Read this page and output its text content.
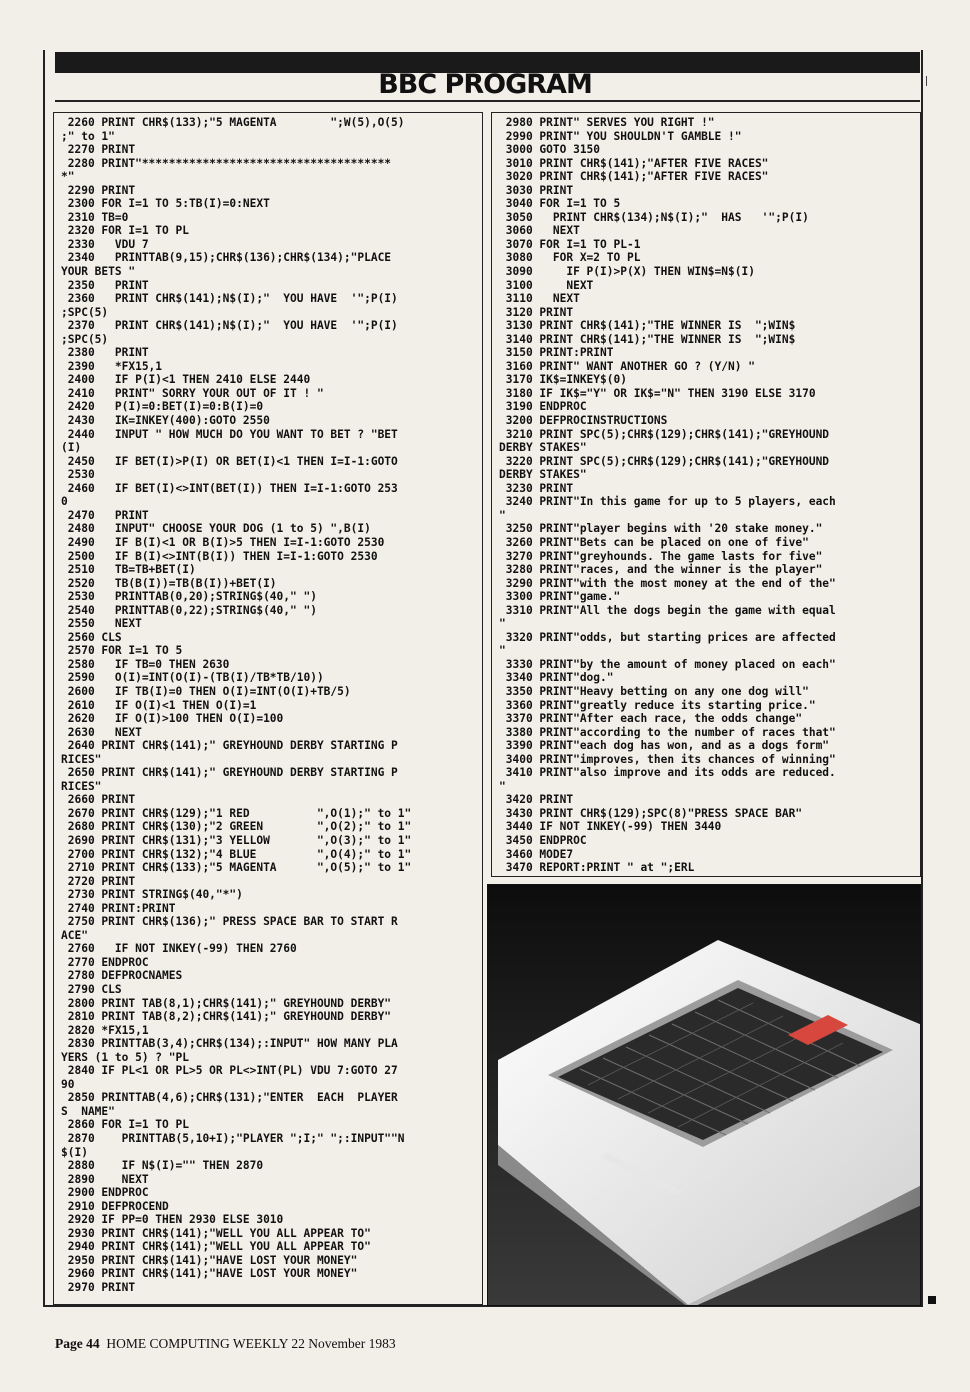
BBC PROGRAM
2260 PRINT CHR$(133);"5 MAGENTA        ";W(5),O(5)
;" to 1"
2270 PRINT
2280 PRINT"*************************************
*"
2290 PRINT
2300 FOR I=1 TO 5:TB(I)=0:NEXT
2310 TB=0
2320 FOR I=1 TO PL
2330   VDU 7
2340   PRINTTAB(9,15);CHR$(136);CHR$(134);"PLACE
YOUR BETS "
2350   PRINT
2360   PRINT CHR$(141);N$(I);"  YOU HAVE  '";P(I)
;SPC(5)
2370   PRINT CHR$(141);N$(I);"  YOU HAVE  '";P(I)
;SPC(5)
2380   PRINT
2390   *FX15,1
2400   IF P(I)<1 THEN 2410 ELSE 2440
2410   PRINT" SORRY YOUR OUT OF IT ! "
2420   P(I)=0:BET(I)=0:B(I)=0
2430   IK=INKEY(400):GOTO 2550
2440   INPUT " HOW MUCH DO YOU WANT TO BET ? "BET
(I)
2450   IF BET(I)>P(I) OR BET(I)<1 THEN I=I-1:GOTO
2530
2460   IF BET(I)<>INT(BET(I)) THEN I=I-1:GOTO 253
0
2470   PRINT
2480   INPUT" CHOOSE YOUR DOG (1 to 5) ",B(I)
2490   IF B(I)<1 OR B(I)>5 THEN I=I-1:GOTO 2530
2500   IF B(I)<>INT(B(I)) THEN I=I-1:GOTO 2530
2510   TB=TB+BET(I)
2520   TB(B(I))=TB(B(I))+BET(I)
2530   PRINTTAB(0,20);STRING$(40," ")
2540   PRINTTAB(0,22);STRING$(40," ")
2550   NEXT
2560 CLS
2570 FOR I=1 TO 5
2580   IF TB=0 THEN 2630
2590   O(I)=INT(O(I)-(TB(I)/TB*TB/10))
2600   IF TB(I)=0 THEN O(I)=INT(O(I)+TB/5)
2610   IF O(I)<1 THEN O(I)=1
2620   IF O(I)>100 THEN O(I)=100
2630   NEXT
2640 PRINT CHR$(141);" GREYHOUND DERBY STARTING P
RICES"
2650 PRINT CHR$(141);" GREYHOUND DERBY STARTING P
RICES"
2660 PRINT
2670 PRINT CHR$(129);"1 RED          ",O(1);" to 1"
2680 PRINT CHR$(130);"2 GREEN        ",O(2);" to 1"
2690 PRINT CHR$(131);"3 YELLOW       ",O(3);" to 1"
2700 PRINT CHR$(132);"4 BLUE         ",O(4);" to 1"
2710 PRINT CHR$(133);"5 MAGENTA      ",O(5);" to 1"
2720 PRINT
2730 PRINT STRING$(40,"*")
2740 PRINT:PRINT
2750 PRINT CHR$(136);" PRESS SPACE BAR TO START R
ACE"
2760   IF NOT INKEY(-99) THEN 2760
2770 ENDPROC
2780 DEFPROCNAMES
2790 CLS
2800 PRINT TAB(8,1);CHR$(141);" GREYHOUND DERBY"
2810 PRINT TAB(8,2);CHR$(141);" GREYHOUND DERBY"
2820 *FX15,1
2830 PRINTTAB(3,4);CHR$(134);:INPUT" HOW MANY PLA
YERS (1 to 5) ? "PL
2840 IF PL<1 OR PL>5 OR PL<>INT(PL) VDU 7:GOTO 27
90
2850 PRINTTAB(4,6);CHR$(131);"ENTER  EACH  PLAYER
S  NAME"
2860 FOR I=1 TO PL
2870    PRINTTAB(5,10+I);"PLAYER ";I;" ";:INPUT""N
$(I)
2880    IF N$(I)="" THEN 2870
2890    NEXT
2900 ENDPROC
2910 DEFPROCEND
2920 IF PP=0 THEN 2930 ELSE 3010
2930 PRINT CHR$(141);"WELL YOU ALL APPEAR TO"
2940 PRINT CHR$(141);"WELL YOU ALL APPEAR TO"
2950 PRINT CHR$(141);"HAVE LOST YOUR MONEY"
2960 PRINT CHR$(141);"HAVE LOST YOUR MONEY"
2970 PRINT
2980 PRINT" SERVES YOU RIGHT !"
2990 PRINT" YOU SHOULDN'T GAMBLE !"
3000 GOTO 3150
3010 PRINT CHR$(141);"AFTER FIVE RACES"
3020 PRINT CHR$(141);"AFTER FIVE RACES"
3030 PRINT
3040 FOR I=1 TO 5
3050   PRINT CHR$(134);N$(I);"  HAS   '";P(I)
3060   NEXT
3070 FOR I=1 TO PL-1
3080   FOR X=2 TO PL
3090     IF P(I)>P(X) THEN WIN$=N$(I)
3100     NEXT
3110   NEXT
3120 PRINT
3130 PRINT CHR$(141);"THE WINNER IS  ";WIN$
3140 PRINT CHR$(141);"THE WINNER IS  ";WIN$
3150 PRINT:PRINT
3160 PRINT" WANT ANOTHER GO ? (Y/N) "
3170 IK$=INKEY$(0)
3180 IF IK$="Y" OR IK$="N" THEN 3190 ELSE 3170
3190 ENDPROC
3200 DEFPROCINSTRUCTIONS
3210 PRINT SPC(5);CHR$(129);CHR$(141);"GREYHOUND
DERBY STAKES"
3220 PRINT SPC(5);CHR$(129);CHR$(141);"GREYHOUND
DERBY STAKES"
3230 PRINT
3240 PRINT"In this game for up to 5 players, each
"
3250 PRINT"player begins with '20 stake money."
3260 PRINT"Bets can be placed on one of five"
3270 PRINT"greyhounds. The game lasts for five"
3280 PRINT"races, and the winner is the player"
3290 PRINT"with the most money at the end of the"
3300 PRINT"game."
3310 PRINT"All the dogs begin the game with equal
"
3320 PRINT"odds, but starting prices are affected
"
3330 PRINT"by the amount of money placed on each"
3340 PRINT"dog."
3350 PRINT"Heavy betting on any one dog will"
3360 PRINT"greatly reduce its starting price."
3370 PRINT"After each race, the odds change"
3380 PRINT"according to the number of races that"
3390 PRINT"each dog has won, and as a dogs form"
3400 PRINT"improves, then its chances of winning"
3410 PRINT"also improve and its odds are reduced.
"
3420 PRINT
3430 PRINT CHR$(129);SPC(8)"PRESS SPACE BAR"
3440 IF NOT INKEY(-99) THEN 3440
3450 ENDPROC
3460 MODE7
3470 REPORT:PRINT " at ";ERL
Page 44 HOME COMPUTING WEEKLY 22 November 1983
